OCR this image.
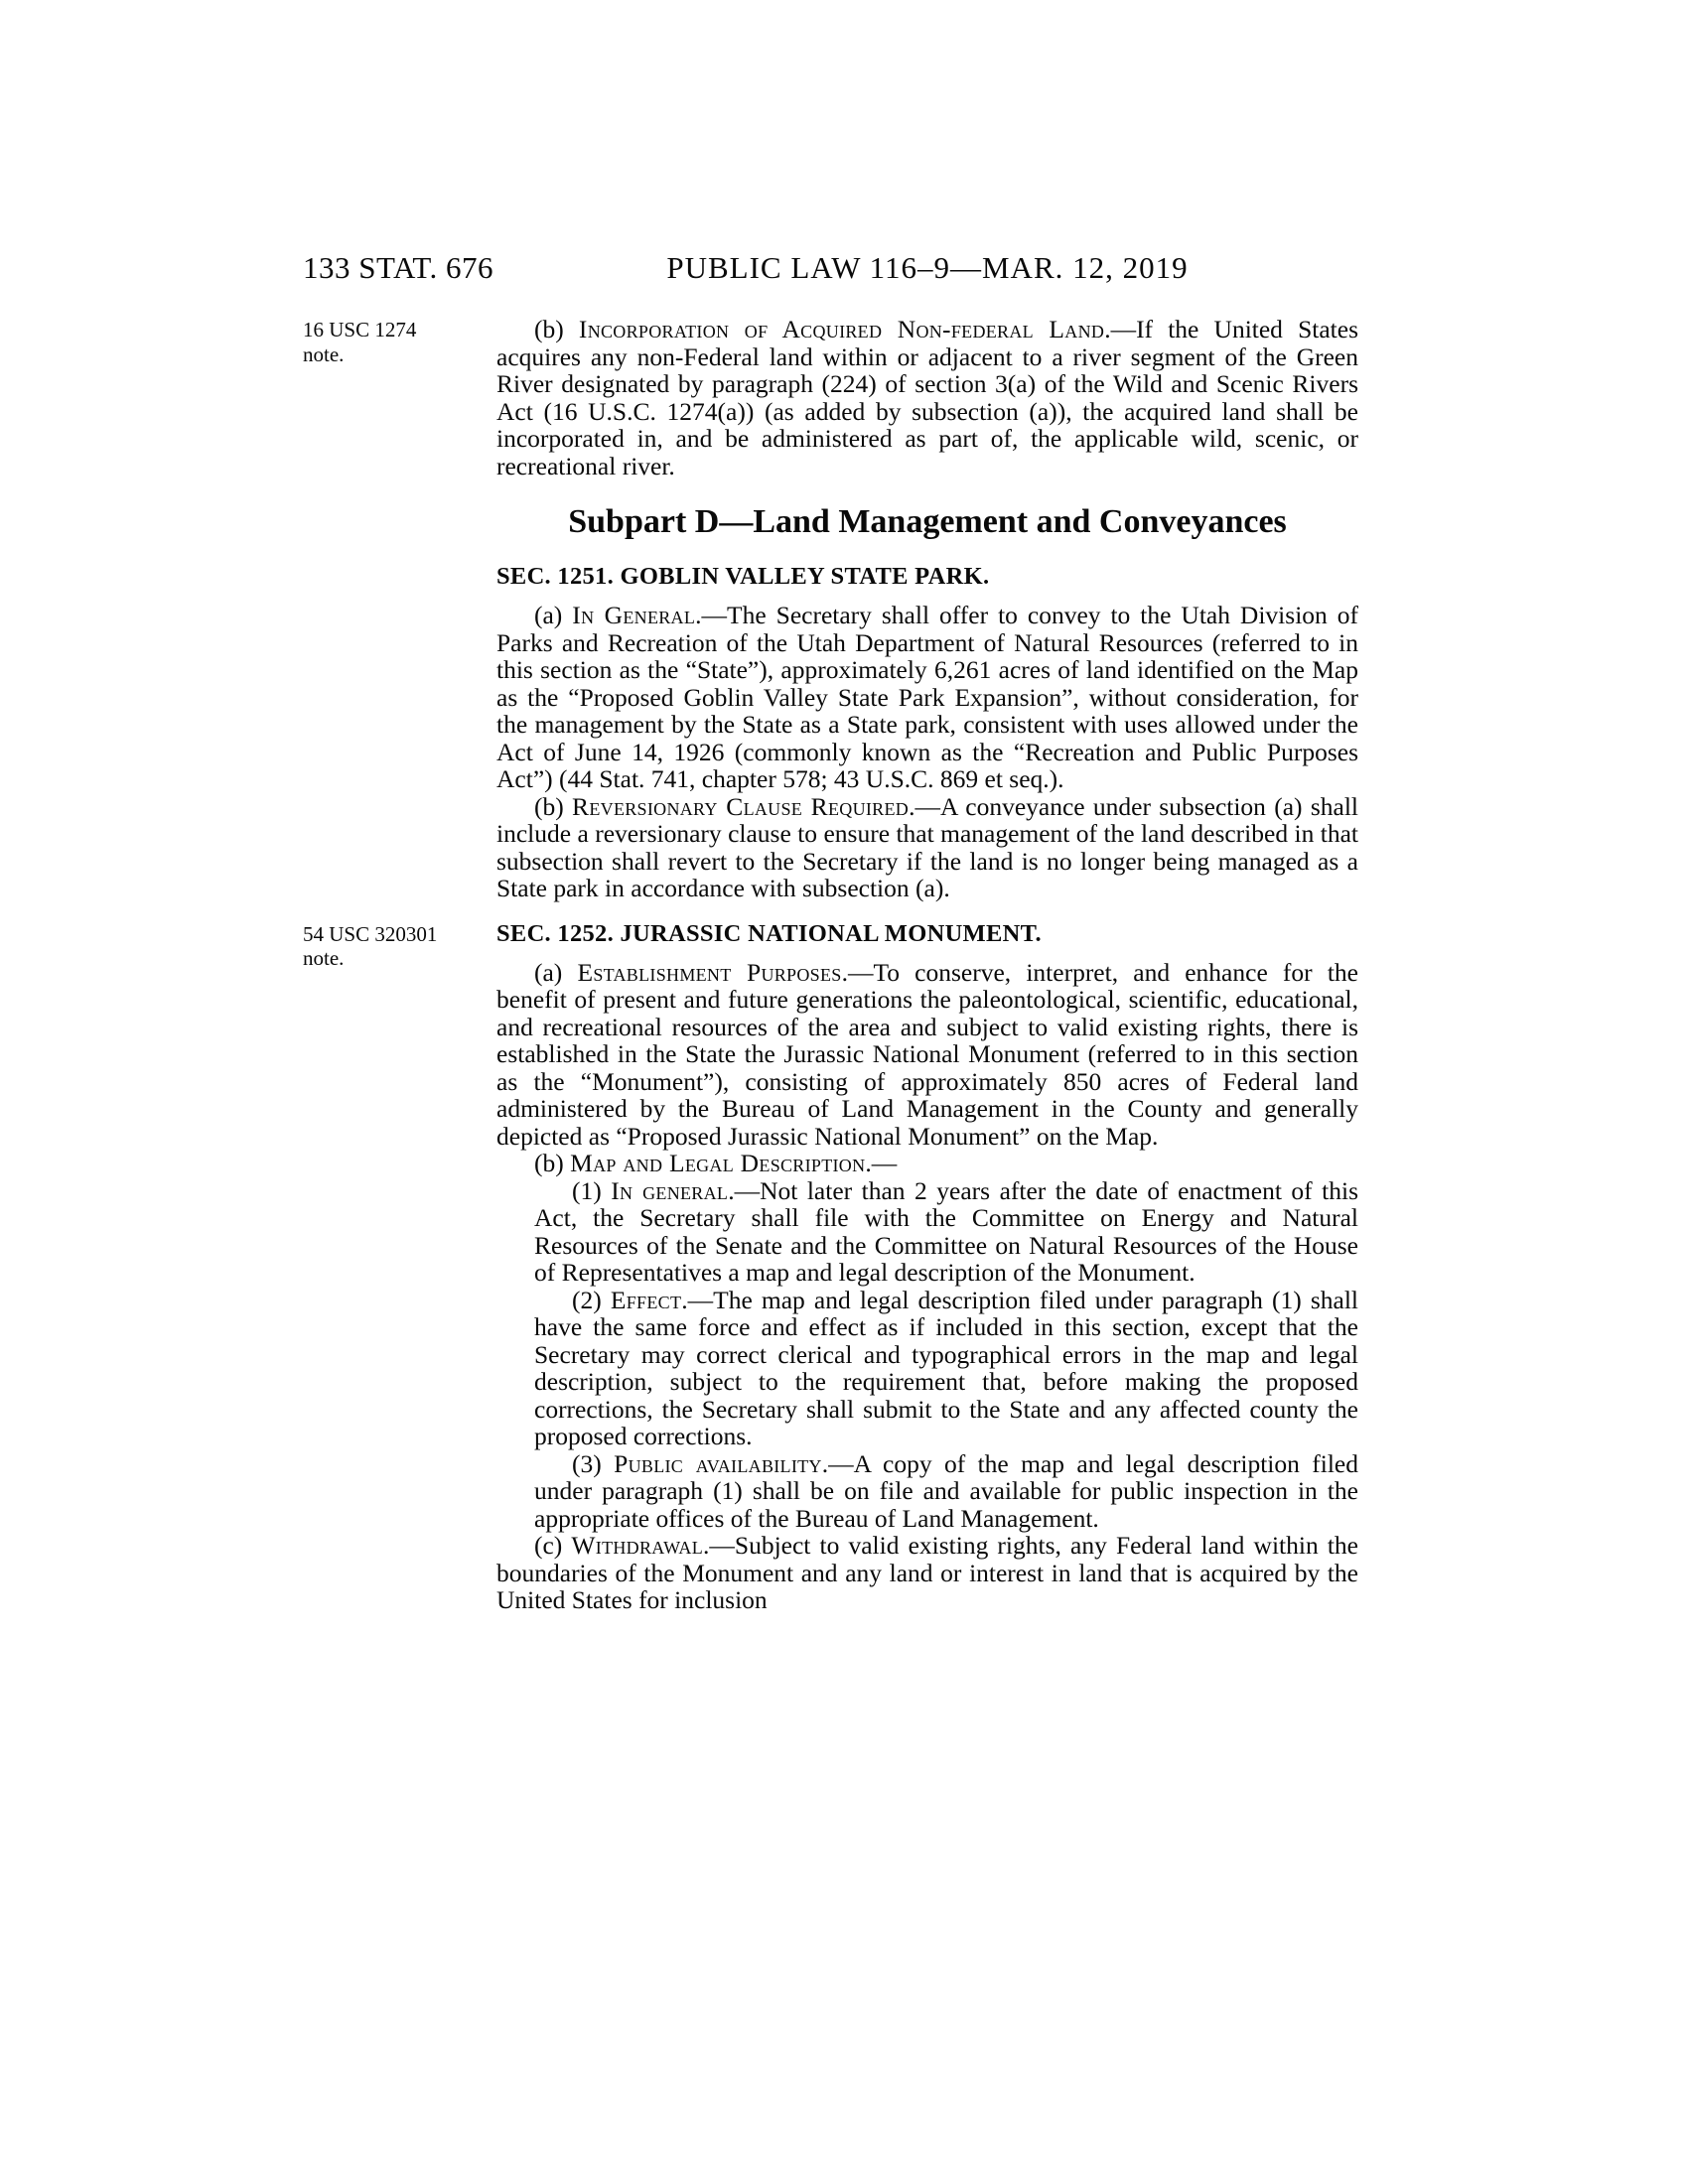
133 STAT. 676	PUBLIC LAW 116–9—MAR. 12, 2019
16 USC 1274
note.

(b) Incorporation of Acquired Non-federal Land.—If the United States acquires any non-Federal land within or adjacent to a river segment of the Green River designated by paragraph (224) of section 3(a) of the Wild and Scenic Rivers Act (16 U.S.C. 1274(a)) (as added by subsection (a)), the acquired land shall be incorporated in, and be administered as part of, the applicable wild, scenic, or recreational river.

Subpart D—Land Management and Conveyances
SEC. 1251. GOBLIN VALLEY STATE PARK.

(a) In General.—The Secretary shall offer to convey to the Utah Division of Parks and Recreation of the Utah Department of Natural Resources (referred to in this section as the “State”), approximately 6,261 acres of land identified on the Map as the “Proposed Goblin Valley State Park Expansion”, without consideration, for the management by the State as a State park, consistent with uses allowed under the Act of June 14, 1926 (commonly known as the “Recreation and Public Purposes Act”) (44 Stat. 741, chapter 578; 43 U.S.C. 869 et seq.).

(b) Reversionary Clause Required.—A conveyance under subsection (a) shall include a reversionary clause to ensure that management of the land described in that subsection shall revert to the Secretary if the land is no longer being managed as a State park in accordance with subsection (a).

54 USC 320301
note.
SEC. 1252. JURASSIC NATIONAL MONUMENT.

(a) Establishment Purposes.—To conserve, interpret, and enhance for the benefit of present and future generations the paleontological, scientific, educational, and recreational resources of the area and subject to valid existing rights, there is established in the State the Jurassic National Monument (referred to in this section as the “Monument”), consisting of approximately 850 acres of Federal land administered by the Bureau of Land Management in the County and generally depicted as “Proposed Jurassic National Monument” on the Map.

(b) Map and Legal Description.—

(1) In general.—Not later than 2 years after the date of enactment of this Act, the Secretary shall file with the Committee on Energy and Natural Resources of the Senate and the Committee on Natural Resources of the House of Representatives a map and legal description of the Monument.

(2) Effect.—The map and legal description filed under paragraph (1) shall have the same force and effect as if included in this section, except that the Secretary may correct clerical and typographical errors in the map and legal description, subject to the requirement that, before making the proposed corrections, the Secretary shall submit to the State and any affected county the proposed corrections.

(3) Public availability.—A copy of the map and legal description filed under paragraph (1) shall be on file and available for public inspection in the appropriate offices of the Bureau of Land Management.

(c) Withdrawal.—Subject to valid existing rights, any Federal land within the boundaries of the Monument and any land or interest in land that is acquired by the United States for inclusion
